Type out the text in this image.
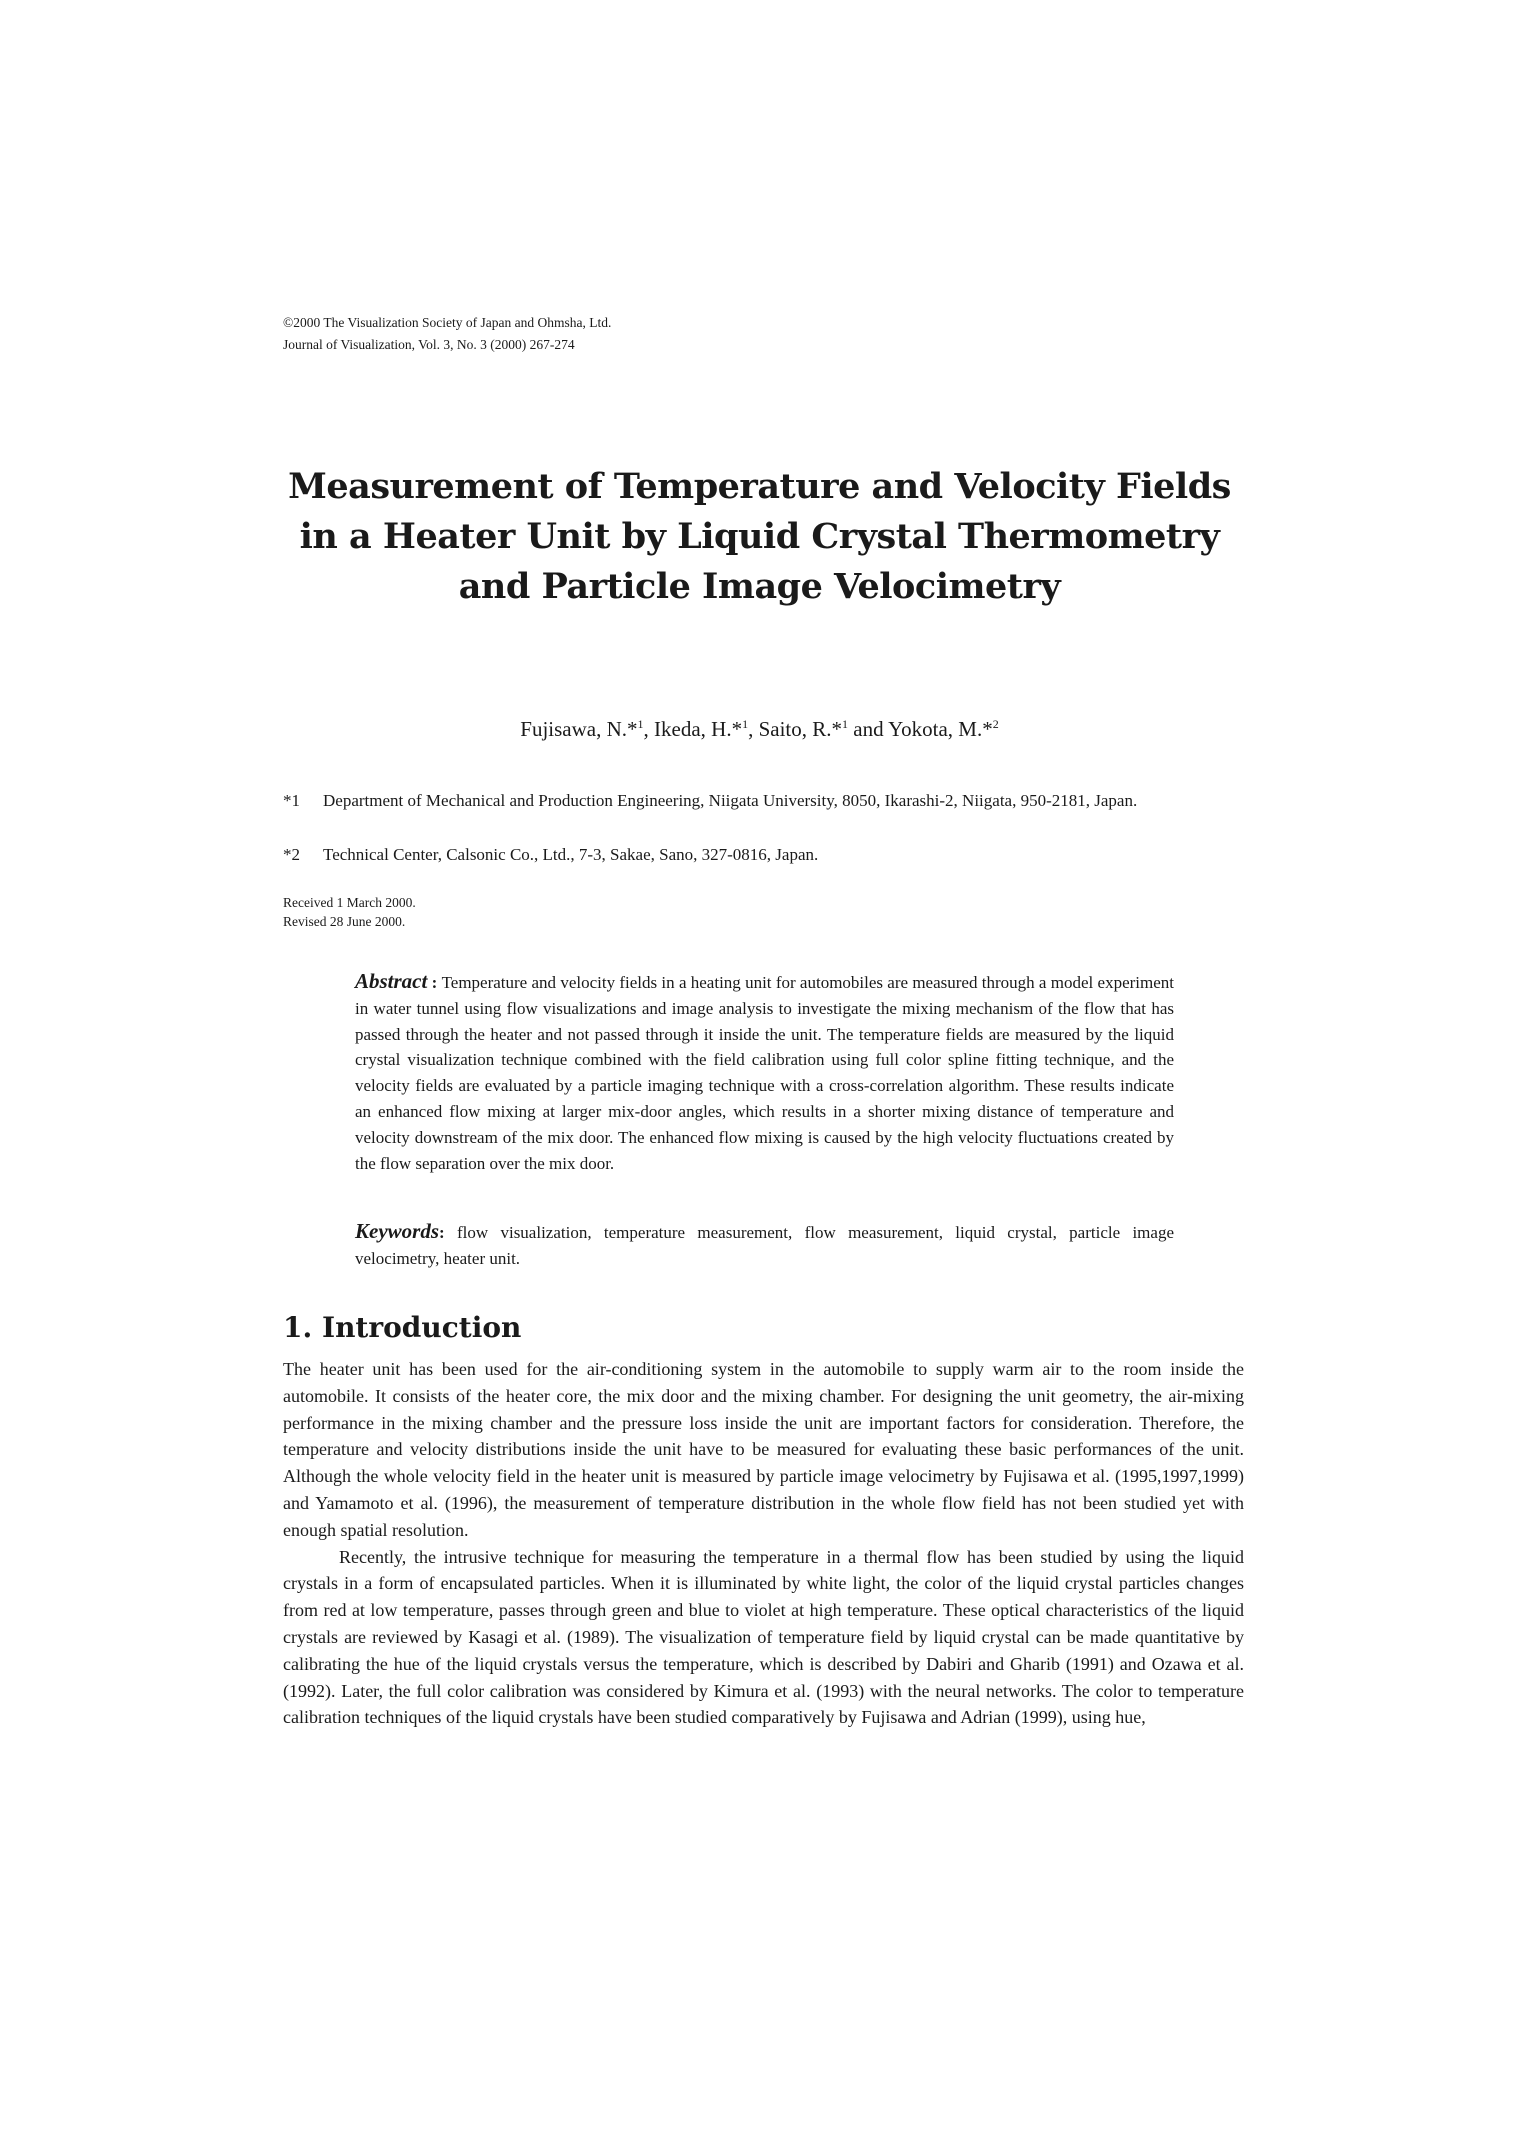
©2000 The Visualization Society of Japan and Ohmsha, Ltd.
Journal of Visualization, Vol. 3, No. 3 (2000) 267-274
Measurement of Temperature and Velocity Fields
in a Heater Unit by Liquid Crystal Thermometry
and Particle Image Velocimetry
Fujisawa, N.*$^1$, Ikeda, H.*$^1$, Saito, R.*$^1$ and Yokota, M.*$^2$
*1 Department of Mechanical and Production Engineering, Niigata University, 8050, Ikarashi-2, Niigata, 950-2181, Japan.
*2 Technical Center, Calsonic Co., Ltd., 7-3, Sakae, Sano, 327-0816, Japan.
Received 1 March 2000.
Revised 28 June 2000.
Abstract : Temperature and velocity fields in a heating unit for automobiles are measured through a model experiment in water tunnel using flow visualizations and image analysis to investigate the mixing mechanism of the flow that has passed through the heater and not passed through it inside the unit. The temperature fields are measured by the liquid crystal visualization technique combined with the field calibration using full color spline fitting technique, and the velocity fields are evaluated by a particle imaging technique with a cross-correlation algorithm. These results indicate an enhanced flow mixing at larger mix-door angles, which results in a shorter mixing distance of temperature and velocity downstream of the mix door. The enhanced flow mixing is caused by the high velocity fluctuations created by the flow separation over the mix door.
Keywords: flow visualization, temperature measurement, flow measurement, liquid crystal, particle image velocimetry, heater unit.
1. Introduction

The heater unit has been used for the air-conditioning system in the automobile to supply warm air to the room inside the automobile. It consists of the heater core, the mix door and the mixing chamber. For designing the unit geometry, the air-mixing performance in the mixing chamber and the pressure loss inside the unit are important factors for consideration. Therefore, the temperature and velocity distributions inside the unit have to be measured for evaluating these basic performances of the unit. Although the whole velocity field in the heater unit is measured by particle image velocimetry by Fujisawa et al. (1995,1997,1999) and Yamamoto et al. (1996), the measurement of temperature distribution in the whole flow field has not been studied yet with enough spatial resolution.

Recently, the intrusive technique for measuring the temperature in a thermal flow has been studied by using the liquid crystals in a form of encapsulated particles. When it is illuminated by white light, the color of the liquid crystal particles changes from red at low temperature, passes through green and blue to violet at high temperature. These optical characteristics of the liquid crystals are reviewed by Kasagi et al. (1989). The visualization of temperature field by liquid crystal can be made quantitative by calibrating the hue of the liquid crystals versus the temperature, which is described by Dabiri and Gharib (1991) and Ozawa et al. (1992). Later, the full color calibration was considered by Kimura et al. (1993) with the neural networks. The color to temperature calibration techniques of the liquid crystals have been studied comparatively by Fujisawa and Adrian (1999), using hue,
